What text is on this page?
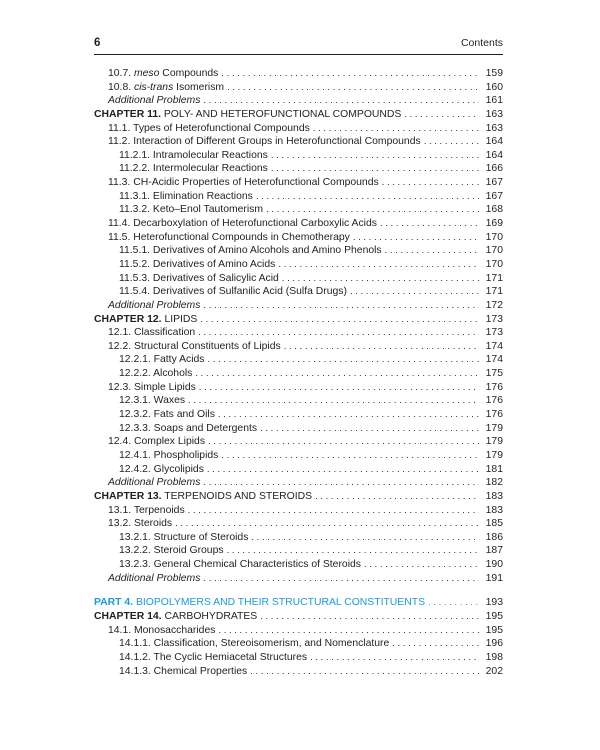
6	Contents
10.7. meso Compounds . . .	159
10.8. cis-trans Isomerism . . .	160
Additional Problems . . .	161
CHAPTER 11. POLY- AND HETEROFUNCTIONAL COMPOUNDS . . .	163
11.1. Types of Heterofunctional Compounds . . .	163
11.2. Interaction of Different Groups in Heterofunctional Compounds . . .	164
11.2.1. Intramolecular Reactions . . .	164
11.2.2. Intermolecular Reactions . . .	166
11.3. CH-Acidic Properties of Heterofunctional Compounds . . .	167
11.3.1. Elimination Reactions . . .	167
11.3.2. Keto–Enol Tautomerism . . .	168
11.4. Decarboxylation of Heterofunctional Carboxylic Acids . . .	169
11.5. Heterofunctional Compounds in Chemotherapy . . .	170
11.5.1. Derivatives of Amino Alcohols and Amino Phenols . . .	170
11.5.2. Derivatives of Amino Acids . . .	170
11.5.3. Derivatives of Salicylic Acid . . .	171
11.5.4. Derivatives of Sulfanilic Acid (Sulfa Drugs) . . .	171
Additional Problems . . .	172
CHAPTER 12. LIPIDS . . .	173
12.1. Classification . . .	173
12.2. Structural Constituents of Lipids . . .	174
12.2.1. Fatty Acids . . .	174
12.2.2. Alcohols . . .	175
12.3. Simple Lipids . . .	176
12.3.1. Waxes . . .	176
12.3.2. Fats and Oils . . .	176
12.3.3. Soaps and Detergents . . .	179
12.4. Complex Lipids . . .	179
12.4.1. Phospholipids . . .	179
12.4.2. Glycolipids . . .	181
Additional Problems . . .	182
CHAPTER 13. TERPENOIDS AND STEROIDS . . .	183
13.1. Terpenoids . . .	183
13.2. Steroids . . .	185
13.2.1. Structure of Steroids . . .	186
13.2.2. Steroid Groups . . .	187
13.2.3. General Chemical Characteristics of Steroids . . .	190
Additional Problems . . .	191
PART 4. BIOPOLYMERS AND THEIR STRUCTURAL CONSTITUENTS . . .	193
CHAPTER 14. CARBOHYDRATES . . .	195
14.1. Monosaccharides . . .	195
14.1.1. Classification, Stereoisomerism, and Nomenclature . . .	196
14.1.2. The Cyclic Hemiacetal Structures . . .	198
14.1.3. Chemical Properties . . .	202
